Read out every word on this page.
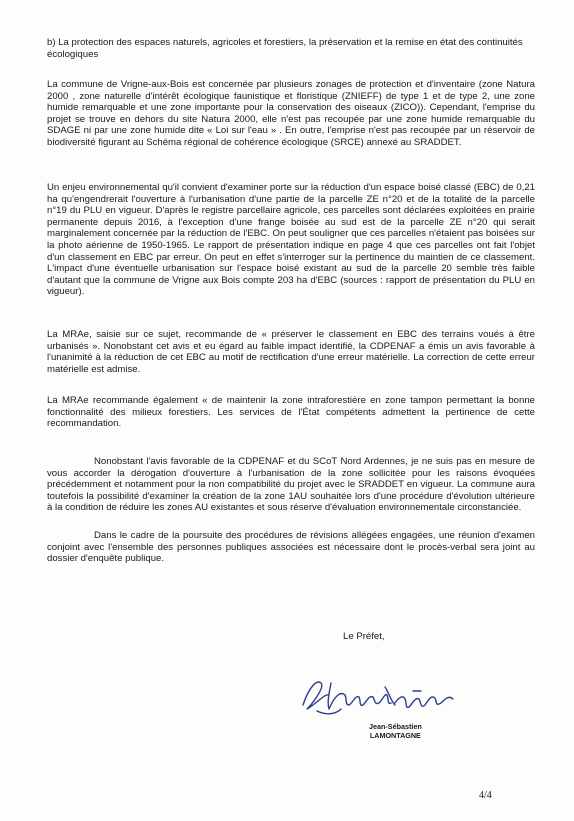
b) La protection des espaces naturels, agricoles et forestiers, la préservation et la remise en état des continuités écologiques

La commune de Vrigne-aux-Bois est concernée par plusieurs zonages de protection et d'inventaire (zone Natura 2000 , zone naturelle d'intérêt écologique faunistique et floristique (ZNIEFF) de type 1 et de type 2, une zone humide remarquable et une zone importante pour la conservation des oiseaux (ZICO)). Cependant, l'emprise du projet se trouve en dehors du site Natura 2000, elle n'est pas recoupée par une zone humide remarquable du SDAGE ni par une zone humide dite « Loi sur l'eau » . En outre, l'emprise n'est pas recoupée par un réservoir de biodiversité figurant au Schéma régional de cohérence écologique (SRCE) annexé au SRADDET.

Un enjeu environnemental qu'il convient d'examiner porte sur la réduction d'un espace boisé classé (EBC) de 0,21 ha qu'engendrerait l'ouverture à l'urbanisation d'une partie de la parcelle ZE n°20 et de la totalité de la parcelle n°19 du PLU en vigueur. D'après le registre parcellaire agricole, ces parcelles sont déclarées exploitées en prairie permanente depuis 2016, à l'exception d'une frange boisée au sud est de la parcelle ZE n°20 qui serait marginalement concernée par la réduction de l'EBC. On peut souligner que ces parcelles n'étaient pas boisées sur la photo aérienne de 1950-1965. Le rapport de présentation indique en page 4 que ces parcelles ont fait l'objet d'un classement en EBC par erreur. On peut en effet s'interroger sur la pertinence du maintien de ce classement. L'impact d'une éventuelle urbanisation sur l'espace boisé existant au sud de la parcelle 20 semble très faible d'autant que la commune de Vrigne aux Bois compte 203 ha d'EBC (sources : rapport de présentation du PLU en vigueur).

La MRAe, saisie sur ce sujet, recommande de « préserver le classement en EBC des terrains voués à être urbanisés ». Nonobstant cet avis et eu égard au faible impact identifié, la CDPENAF a émis un avis favorable à l'unanimité à la réduction de cet EBC au motif de rectification d'une erreur matérielle. La correction de cette erreur matérielle est admise.

La MRAe recommande également « de maintenir la zone intraforestière en zone tampon permettant la bonne fonctionnalité des milieux forestiers. Les services de l'État compétents admettent la pertinence de cette recommandation.

Nonobstant l'avis favorable de la CDPENAF et du SCoT Nord Ardennes, je ne suis pas en mesure de vous accorder la dérogation d'ouverture à l'urbanisation de la zone sollicitée pour les raisons évoquées précédemment et notamment pour la non compatibilité du projet avec le SRADDET en vigueur. La commune aura toutefois la possibilité d'examiner la création de la zone 1AU souhaitée lors d'une procédure d'évolution ultérieure à la condition de réduire les zones AU existantes et sous réserve d'évaluation environnementale circonstanciée.

Dans le cadre de la poursuite des procédures de révisions allégées engagées, une réunion d'examen conjoint avec l'ensemble des personnes publiques associées est nécessaire dont le procès-verbal sera joint au dossier d'enquête publique.

Le Préfet,
Jean-Sébastien
LAMONTAGNE
4/4
